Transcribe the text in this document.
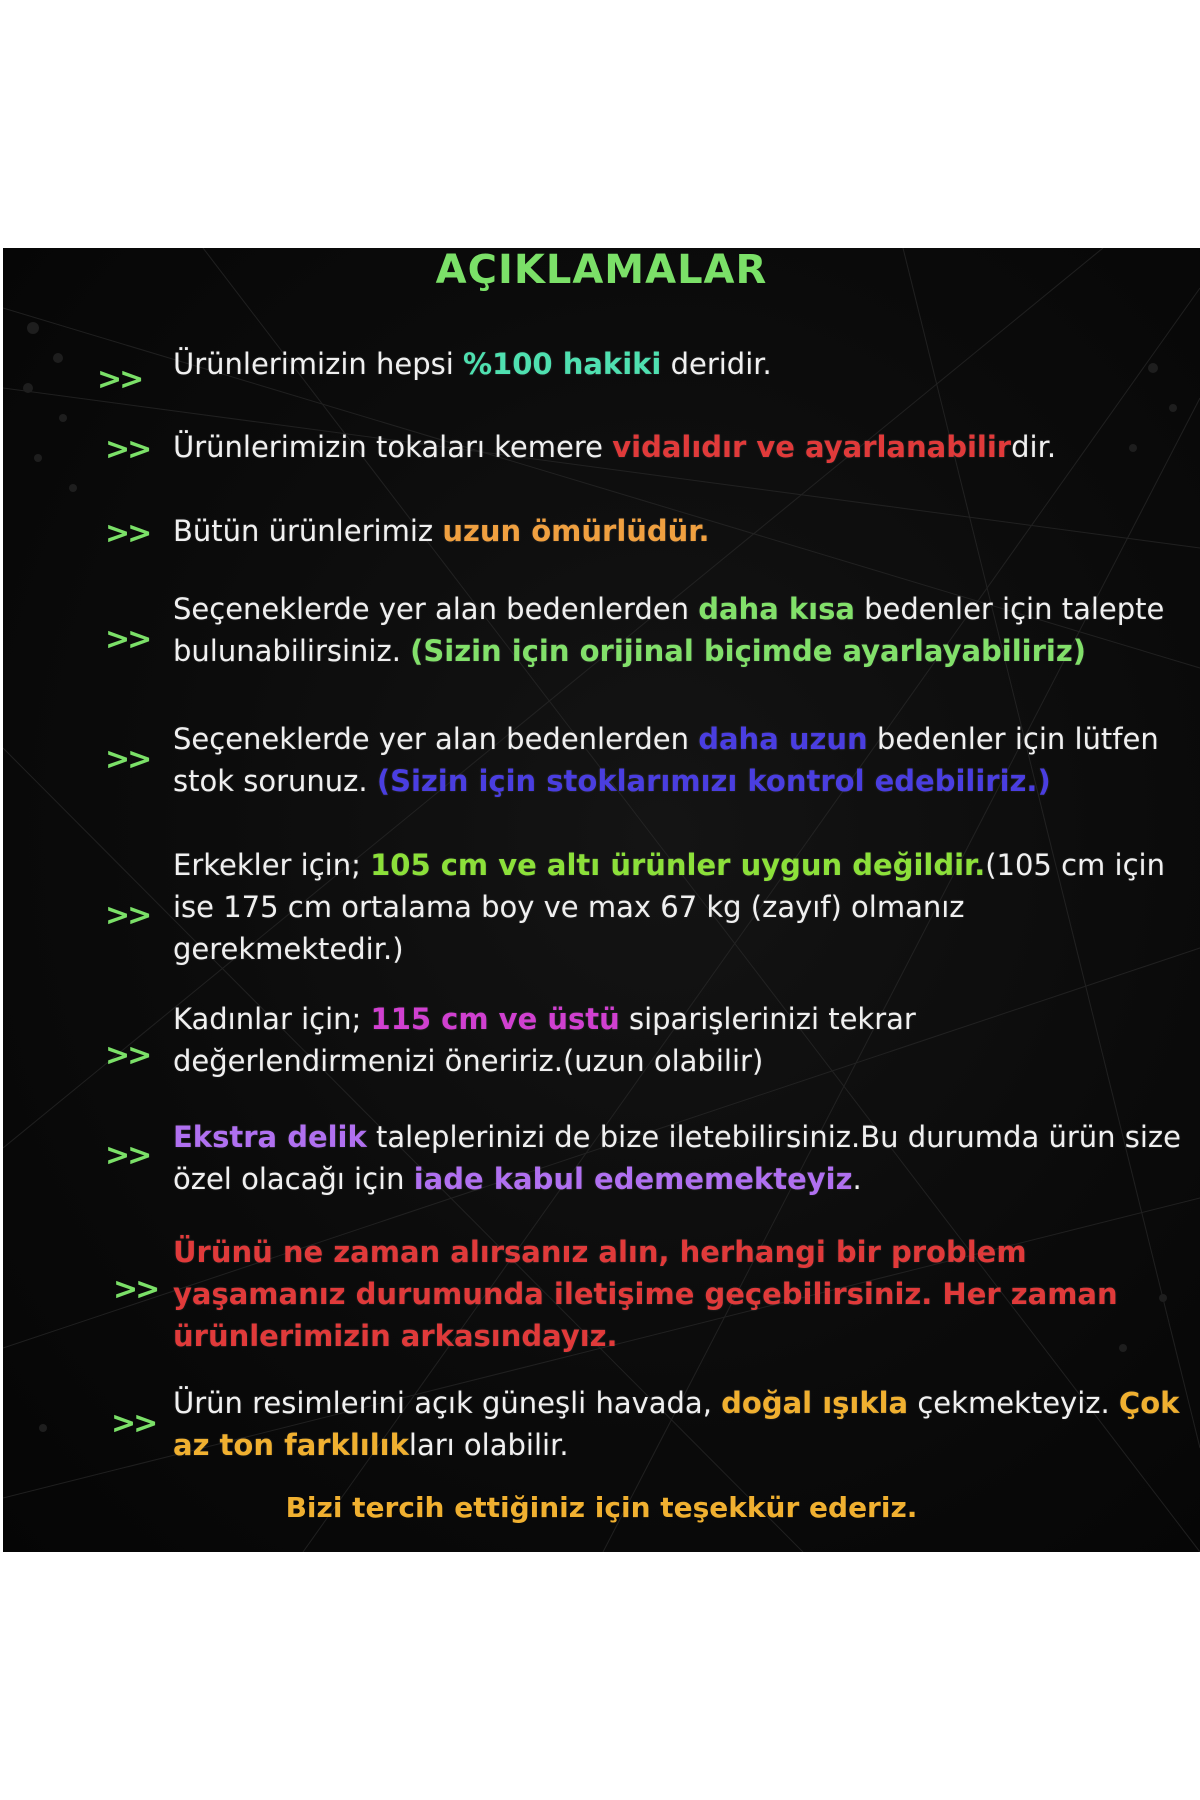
AÇIKLAMALAR
>> Ürünlerimizin hepsi %100 hakiki deridir.
>> Ürünlerimizin tokaları kemere vidalıdır ve ayarlanabilirdir.
>> Bütün ürünlerimiz uzun ömürlüdür.
>>
Seçeneklerde yer alan bedenlerden daha kısa bedenler için talepte bulunabilirsiniz. (Sizin için orijinal biçimde ayarlayabiliriz)
>>
Seçeneklerde yer alan bedenlerden daha uzun bedenler için lütfen stok sorunuz. (Sizin için stoklarımızı kontrol edebiliriz.)
>>
Erkekler için; 105 cm ve altı ürünler uygun değildir.(105 cm için ise 175 cm ortalama boy ve max 67 kg (zayıf) olmanız gerekmektedir.)
>>
Kadınlar için; 115 cm ve üstü siparişlerinizi tekrar değerlendirmenizi öneririz.(uzun olabilir)
>>
Ekstra delik taleplerinizi de bize iletebilirsiniz.Bu durumda ürün size özel olacağı için iade kabul edememekteyiz.
>>
Ürünü ne zaman alırsanız alın, herhangi bir problem yaşamanız durumunda iletişime geçebilirsiniz. Her zaman ürünlerimizin arkasındayız.
>>
Ürün resimlerini açık güneşli havada, doğal ışıkla çekmekteyiz. Çok az ton farklılıkları olabilir.
Bizi tercih ettiğiniz için teşekkür ederiz.
